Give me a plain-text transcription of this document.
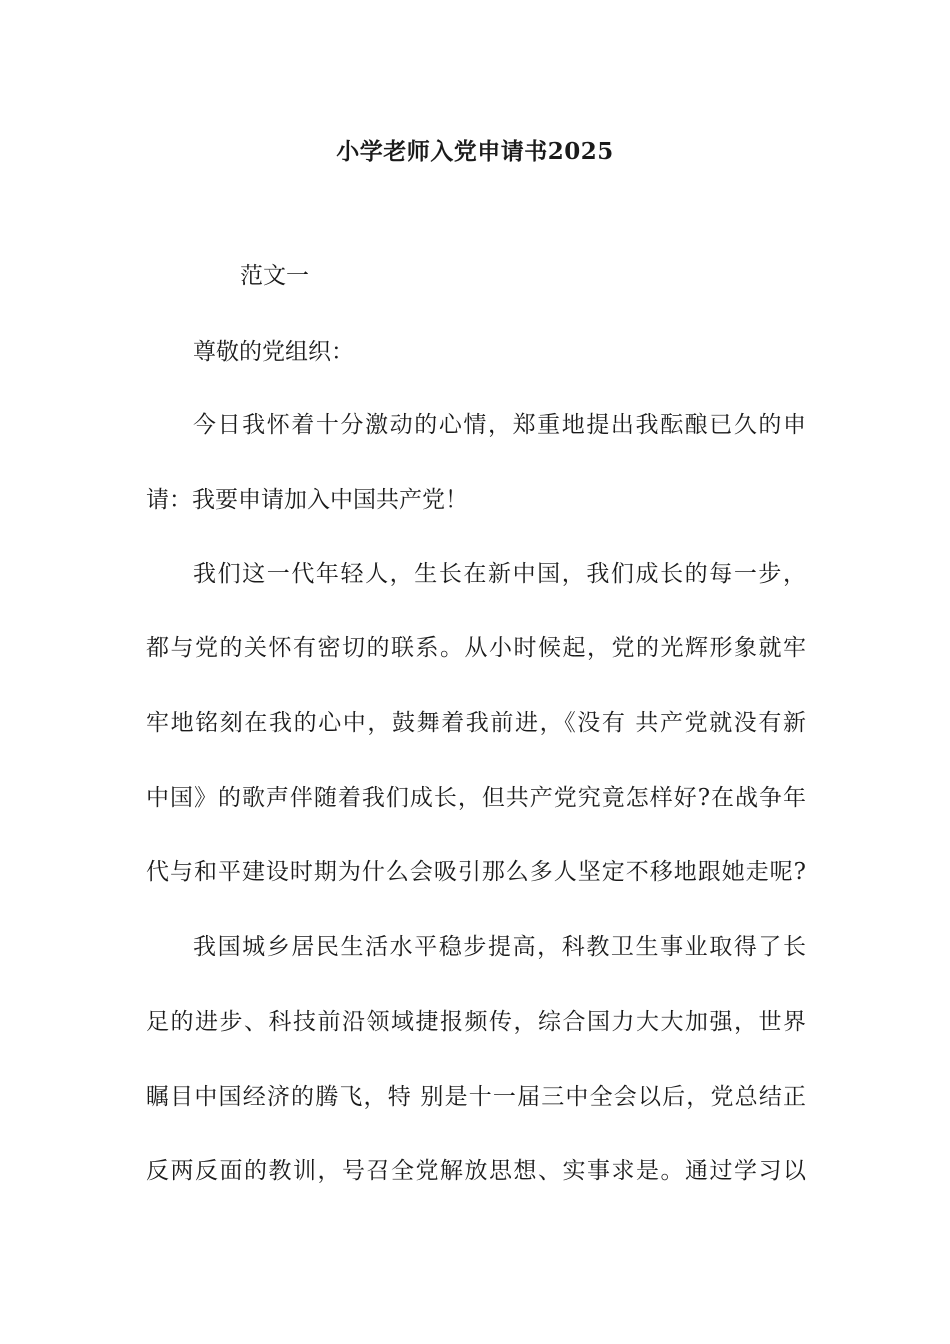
小学老师入党申请书2025

范文一

尊敬的党组织：

今日我怀着十分激动的心情，郑重地提出我酝酿已久的申

请：我要申请加入中国共产党！

我们这一代年轻人，生长在新中国，我们成长的每一步，

都与党的关怀有密切的联系。从小时候起，党的光辉形象就牢

牢地铭刻在我的心中，鼓舞着我前进，《没有 共产党就没有新

中国》的歌声伴随着我们成长，但共产党究竟怎样好?在战争年

代与和平建设时期为什么会吸引那么多人坚定不移地跟她走呢?

我国城乡居民生活水平稳步提高，科教卫生事业取得了长

足的进步、科技前沿领域捷报频传，综合国力大大加强，世界

瞩目中国经济的腾飞，特 别是十一届三中全会以后，党总结正

反两反面的教训，号召全党解放思想、实事求是。通过学习以
